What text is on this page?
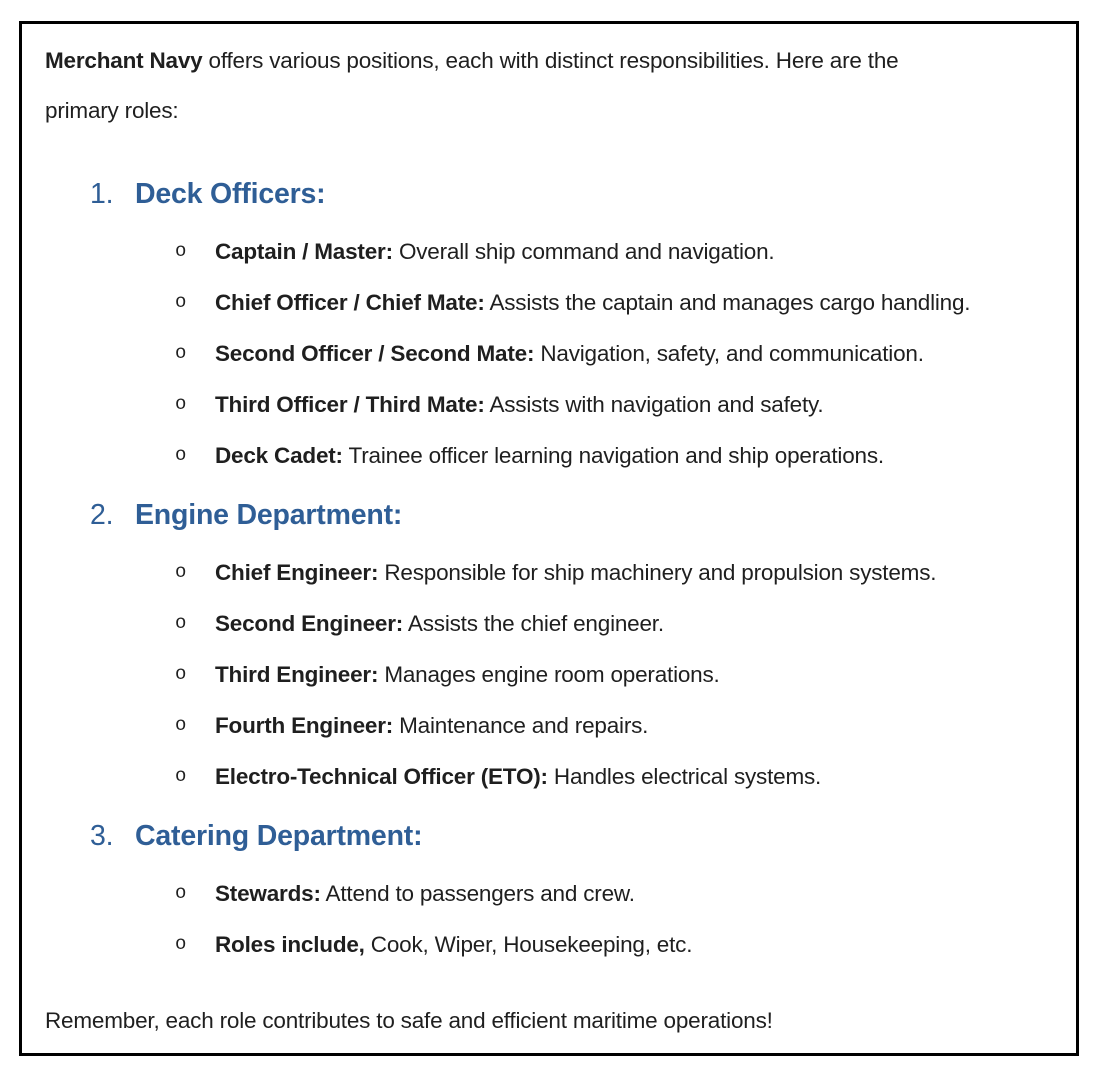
Merchant Navy offers various positions, each with distinct responsibilities. Here are the
primary roles:

1. Deck Officers:
o	Captain / Master: Overall ship command and navigation.
o	Chief Officer / Chief Mate: Assists the captain and manages cargo handling.
o	Second Officer / Second Mate: Navigation, safety, and communication.
o	Third Officer / Third Mate: Assists with navigation and safety.
o	Deck Cadet: Trainee officer learning navigation and ship operations.
2. Engine Department:
o	Chief Engineer: Responsible for ship machinery and propulsion systems.
o	Second Engineer: Assists the chief engineer.
o	Third Engineer: Manages engine room operations.
o	Fourth Engineer: Maintenance and repairs.
o	Electro-Technical Officer (ETO): Handles electrical systems.
3. Catering Department:
o	Stewards: Attend to passengers and crew.
o	Roles include, Cook, Wiper, Housekeeping, etc.

Remember, each role contributes to safe and efficient maritime operations!
